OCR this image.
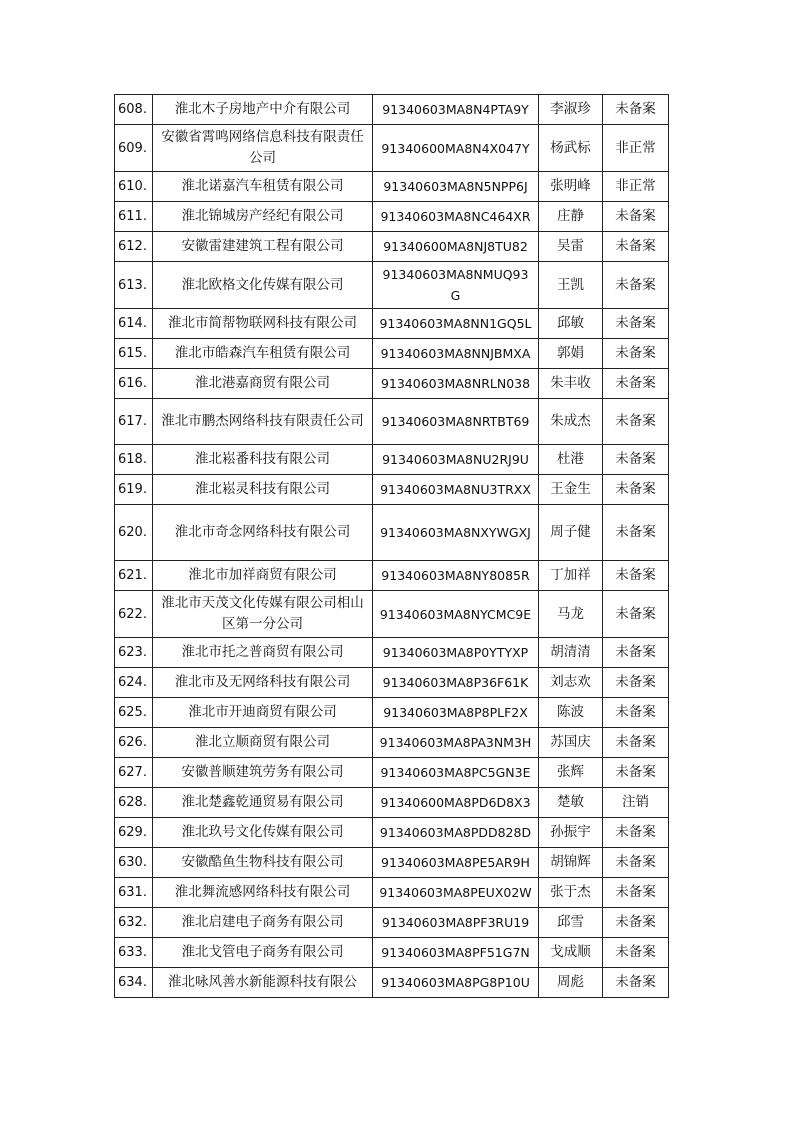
608.	淮北木子房地产中介有限公司	91340603MA8N4PTA9Y	李淑珍	未备案
609.	安徽省霄鸣网络信息科技有限责任公司	91340600MA8N4X047Y	杨武标	非正常
610.	淮北诺嘉汽车租赁有限公司	91340603MA8N5NPP6J	张明峰	非正常
611.	淮北锦城房产经纪有限公司	91340603MA8NC464XR	庄静	未备案
612.	安徽雷建建筑工程有限公司	91340600MA8NJ8TU82	吴雷	未备案
613.	淮北欧格文化传媒有限公司	91340603MA8NMUQ93G	王凯	未备案
614.	淮北市简帮物联网科技有限公司	91340603MA8NN1GQ5L	邱敏	未备案
615.	淮北市皓森汽车租赁有限公司	91340603MA8NNJBMXA	郭娟	未备案
616.	淮北港嘉商贸有限公司	91340603MA8NRLN038	朱丰收	未备案
617.	淮北市鹏杰网络科技有限责任公司	91340603MA8NRTBT69	朱成杰	未备案
618.	淮北崧番科技有限公司	91340603MA8NU2RJ9U	杜港	未备案
619.	淮北崧灵科技有限公司	91340603MA8NU3TRXX	王金生	未备案
620.	淮北市奇念网络科技有限公司	91340603MA8NXYWGXJ	周子健	未备案
621.	淮北市加祥商贸有限公司	91340603MA8NY8085R	丁加祥	未备案
622.	淮北市天茂文化传媒有限公司相山区第一分公司	91340603MA8NYCMC9E	马龙	未备案
623.	淮北市托之普商贸有限公司	91340603MA8P0YTYXP	胡清清	未备案
624.	淮北市及无网络科技有限公司	91340603MA8P36F61K	刘志欢	未备案
625.	淮北市开迪商贸有限公司	91340603MA8P8PLF2X	陈波	未备案
626.	淮北立顺商贸有限公司	91340603MA8PA3NM3H	苏国庆	未备案
627.	安徽普顺建筑劳务有限公司	91340603MA8PC5GN3E	张辉	未备案
628.	淮北楚鑫乾通贸易有限公司	91340600MA8PD6D8X3	楚敏	注销
629.	淮北玖号文化传媒有限公司	91340603MA8PDD828D	孙振宇	未备案
630.	安徽酷鱼生物科技有限公司	91340603MA8PE5AR9H	胡锦辉	未备案
631.	淮北舞流感网络科技有限公司	91340603MA8PEUX02W	张于杰	未备案
632.	淮北启建电子商务有限公司	91340603MA8PF3RU19	邱雪	未备案
633.	淮北戈管电子商务有限公司	91340603MA8PF51G7N	戈成顺	未备案
634.	淮北咏风善水新能源科技有限公	91340603MA8PG8P10U	周彪	未备案
